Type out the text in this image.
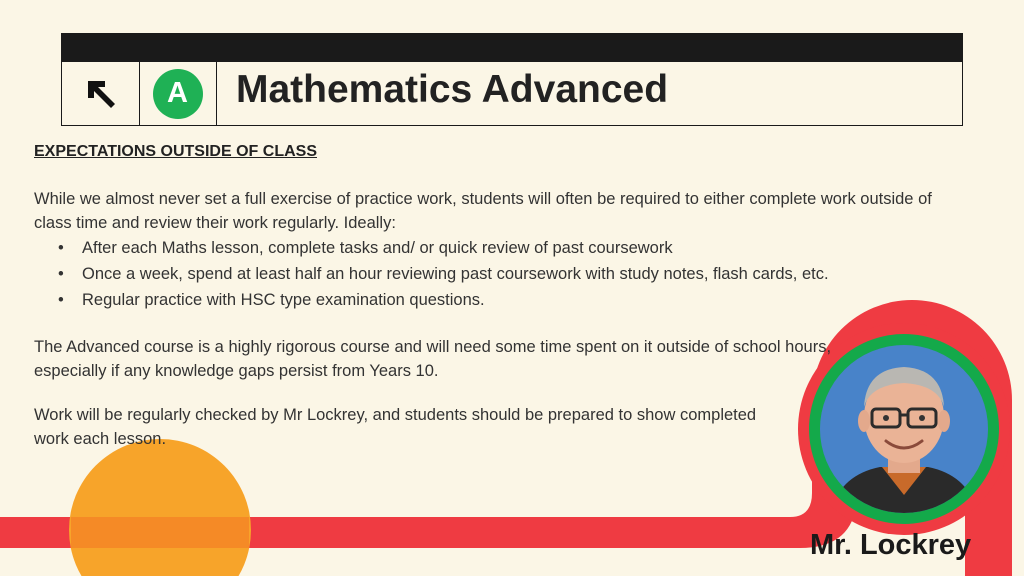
A	Mathematics Advanced
EXPECTATIONS OUTSIDE OF CLASS

While we almost never set a full exercise of practice work, students will often be required to either complete work outside of class time and review their work regularly. Ideally:

• After each Maths lesson, complete tasks and/ or quick review of past coursework
• Once a week, spend at least half an hour reviewing past coursework with study notes, flash cards, etc.
• Regular practice with HSC type examination questions.

The Advanced course is a highly rigorous course and will need some time spent on it outside of school hours, especially if any knowledge gaps persist from Years 10.

Work will be regularly checked by Mr Lockrey, and students should be prepared to show completed work each lesson.

Mr. Lockrey
